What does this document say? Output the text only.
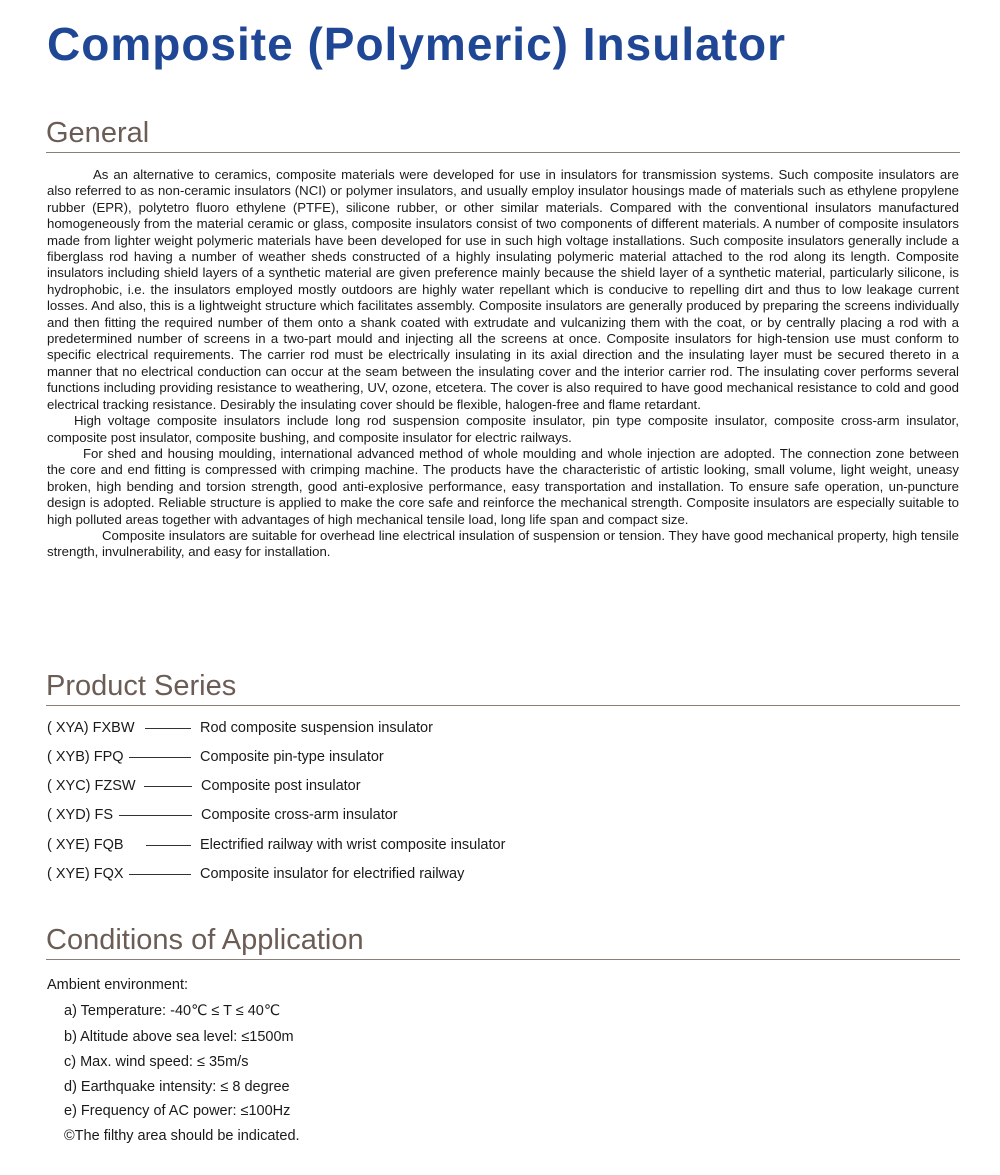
Composite (Polymeric) Insulator
General

As an alternative to ceramics, composite materials were developed for use in insulators for transmission systems. Such composite insulators are also referred to as non-ceramic insulators (NCI) or polymer insulators, and usually employ insulator housings made of materials such as ethylene propylene rubber (EPR), polytetro fluoro ethylene (PTFE), silicone rubber, or other similar materials. Compared with the conventional insulators manufactured homogeneously from the material ceramic or glass, composite insulators consist of two components of different materials. A number of composite insulators made from lighter weight polymeric materials have been developed for use in such high voltage installations. Such composite insulators generally include a fiberglass rod having a number of weather sheds constructed of a highly insulating polymeric material attached to the rod along its length. Composite insulators including shield layers of a synthetic material are given preference mainly because the shield layer of a synthetic material, particularly silicone, is hydrophobic, i.e. the insulators employed mostly outdoors are highly water repellant which is conducive to repelling dirt and thus to low leakage current losses. And also, this is a lightweight structure which facilitates assembly. Composite insulators are generally produced by preparing the screens individually and then fitting the required number of them onto a shank coated with extrudate and vulcanizing them with the coat, or by centrally placing a rod with a predetermined number of screens in a two-part mould and injecting all the screens at once. Composite insulators for high-tension use must conform to specific electrical requirements. The carrier rod must be electrically insulating in its axial direction and the insulating layer must be secured thereto in a manner that no electrical conduction can occur at the seam between the insulating cover and the interior carrier rod. The insulating cover performs several functions including providing resistance to weathering, UV, ozone, etcetera. The cover is also required to have good mechanical resistance to cold and good electrical tracking resistance. Desirably the insulating cover should be flexible, halogen-free and flame retardant.

High voltage composite insulators include long rod suspension composite insulator, pin type composite insulator, composite cross-arm insulator, composite post insulator, composite bushing, and composite insulator for electric railways.

For shed and housing moulding, international advanced method of whole moulding and whole injection are adopted. The connection zone between the core and end fitting is compressed with crimping machine. The products have the characteristic of artistic looking, small volume, light weight, uneasy broken, high bending and torsion strength, good anti-explosive performance, easy transportation and installation. To ensure safe operation, un-puncture design is adopted. Reliable structure is applied to make the core safe and reinforce the mechanical strength. Composite insulators are especially suitable to high polluted areas together with advantages of high mechanical tensile load, long life span and compact size.

Composite insulators are suitable for overhead line electrical insulation of suspension or tension. They have good mechanical property, high tensile strength, invulnerability, and easy for installation.

Product Series
( XYA) FXBW	Rod composite suspension insulator
( XYB) FPQ	Composite pin-type insulator
( XYC) FZSW	Composite post insulator
( XYD) FS	Composite cross-arm insulator
( XYE) FQB	Electrified railway with wrist composite insulator
( XYE) FQX	Composite insulator for electrified railway
Conditions of Application
Ambient environment:
a) Temperature: -40℃ ≤ T ≤ 40℃
b) Altitude above sea level: ≤1500m
c) Max. wind speed: ≤ 35m/s
d) Earthquake intensity: ≤ 8 degree
e) Frequency of AC power: ≤100Hz
©The filthy area should be indicated.
